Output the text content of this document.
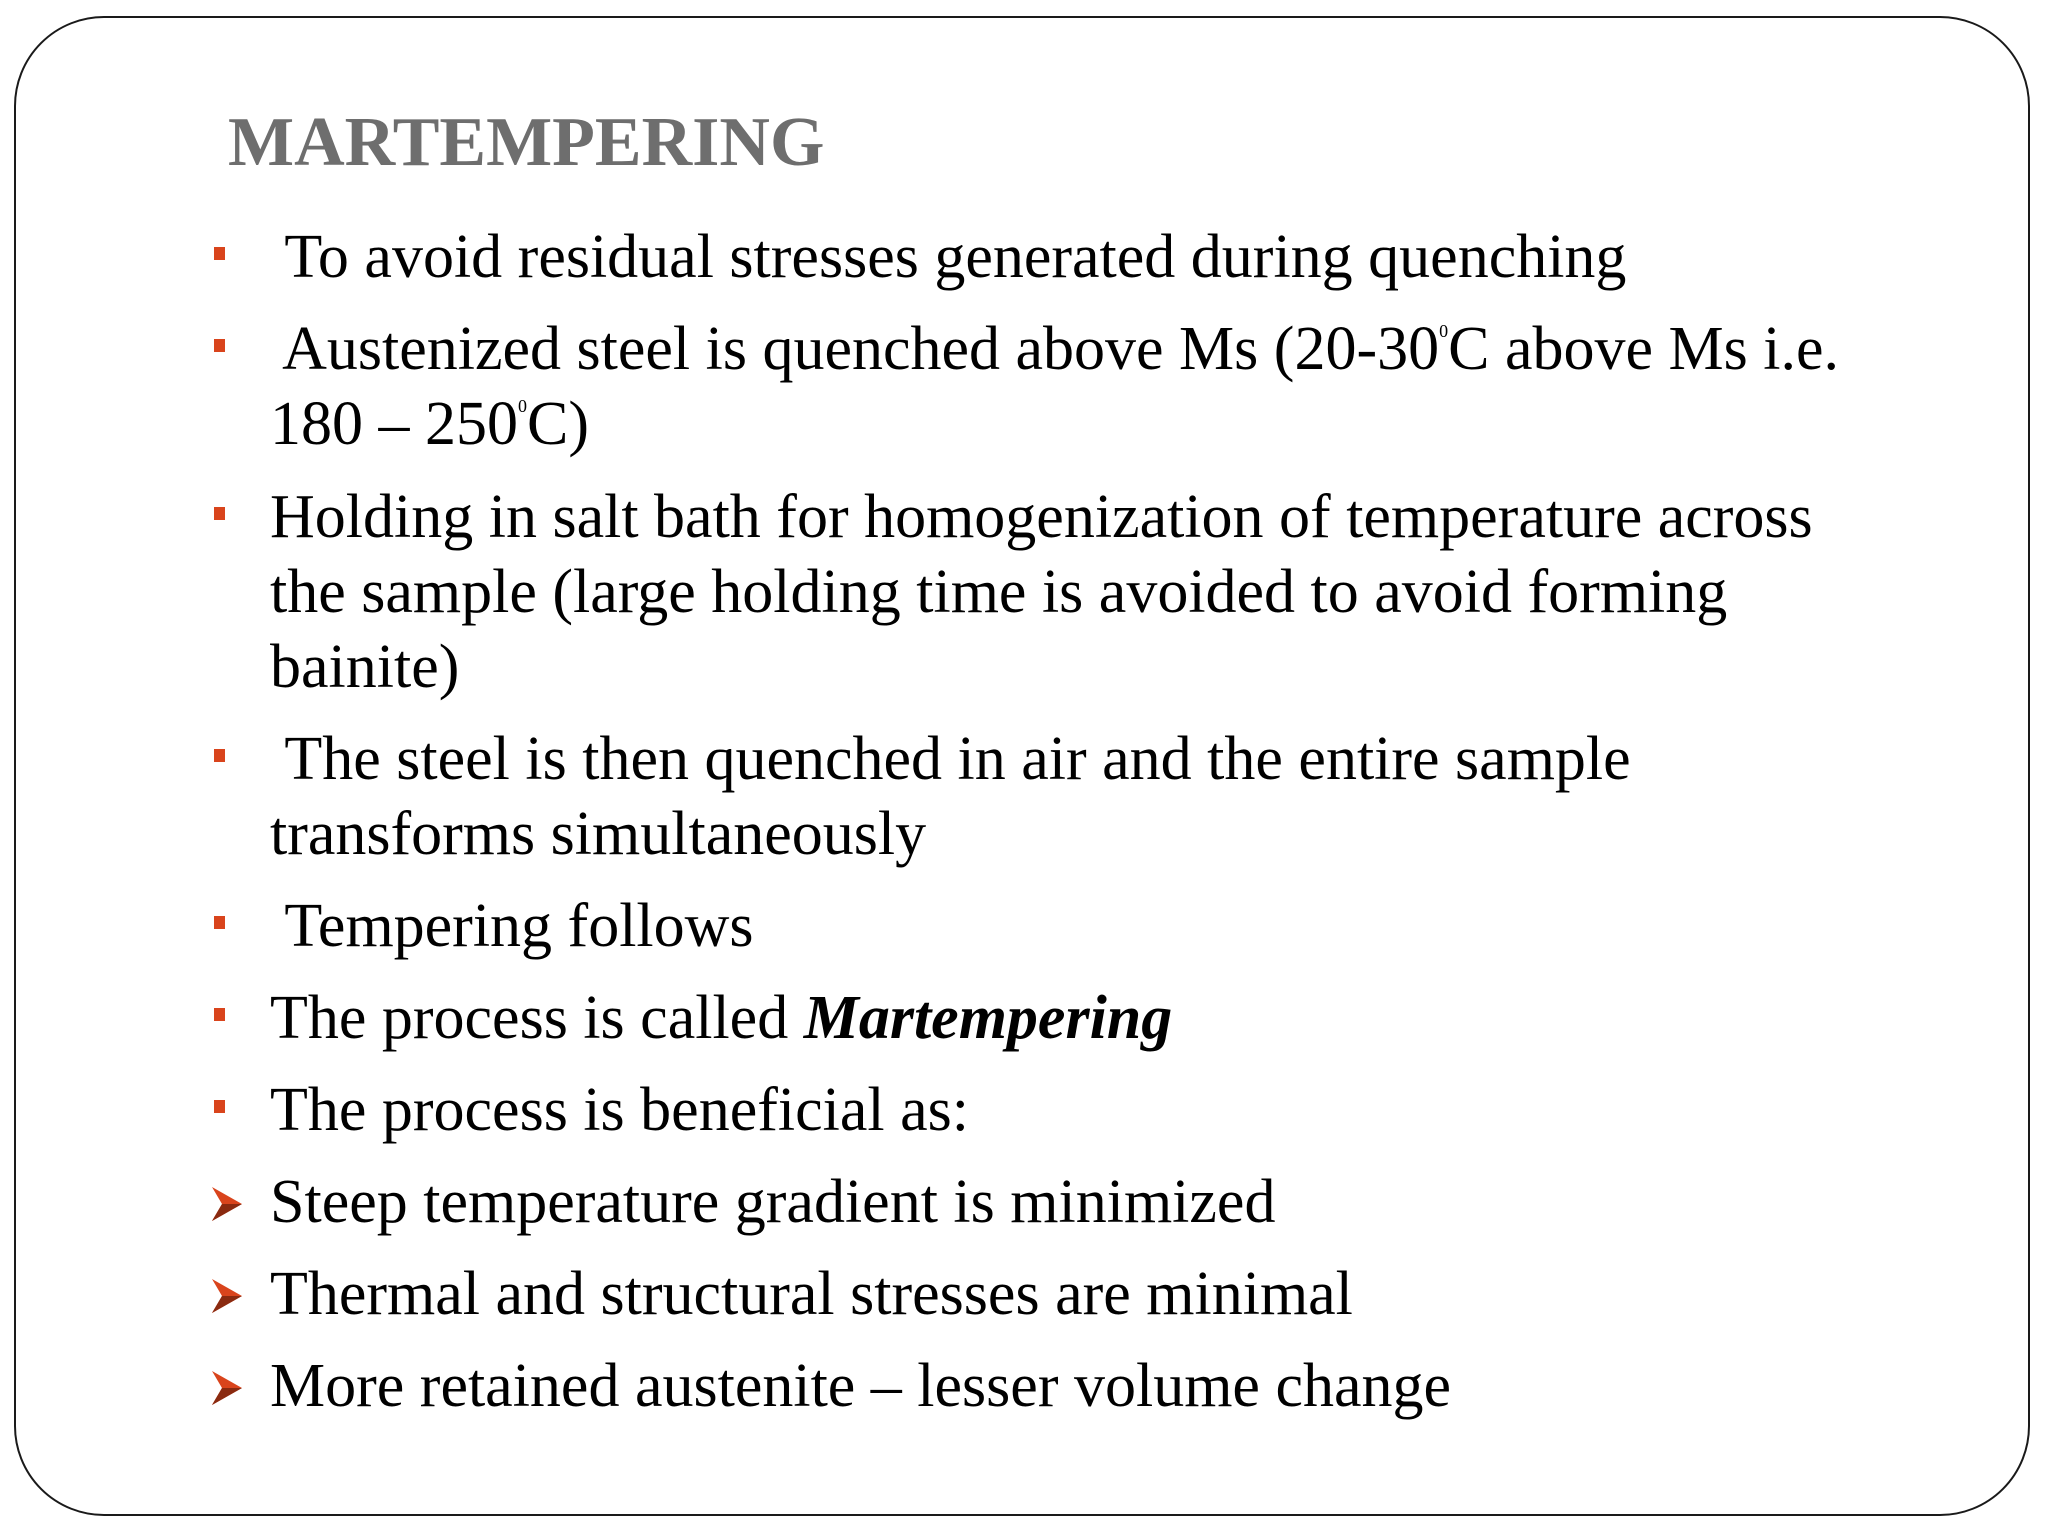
MARTEMPERING
To avoid residual stresses generated during quenching
Austenized steel is quenched above Ms ($20-30^0C$ above Ms i.e.
$180 - 250^0C$)
Holding in salt bath for homogenization of temperature across
the sample (large holding time is avoided to avoid forming
bainite)
The steel is then quenched in air and the entire sample
transforms simultaneously
Tempering follows
The process is called Martempering
The process is beneficial as:
Steep temperature gradient is minimized
Thermal and structural stresses are minimal
More retained austenite – lesser volume change
